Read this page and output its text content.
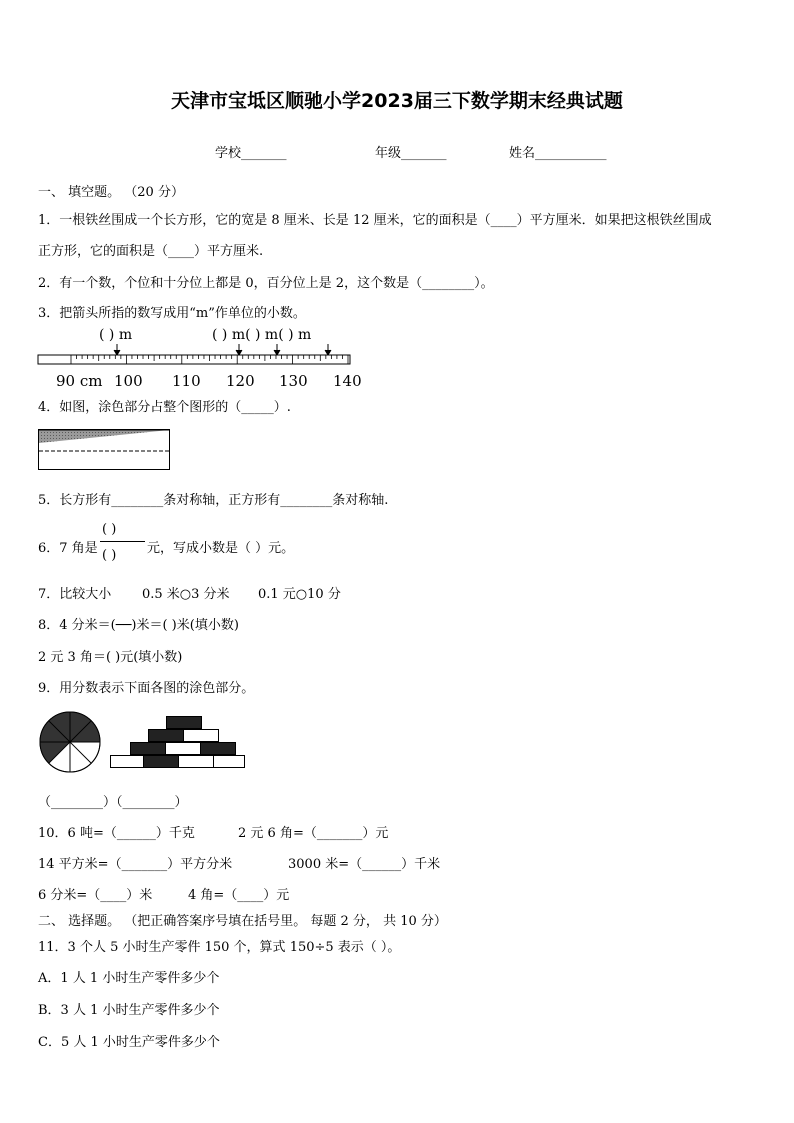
天津市宝坻区顺驰小学2023届三下数学期末经典试题
学校_______	年级_______	姓名___________
一、 填空题。 （20 分）
1．一根铁丝围成一个长方形，它的宽是 8 厘米、长是 12 厘米，它的面积是（____）平方厘米．如果把这根铁丝围成
正方形，它的面积是（____）平方厘米.
2．有一个数，个位和十分位上都是 0，百分位上是 2，这个数是（________）。
3．把箭头所指的数写成用“m”作单位的小数。
( ) m	( ) m( ) m( ) m
90 cm 100 110 120 130 140
4．如图，涂色部分占整个图形的（_____）.
5．长方形有________条对称轴，正方形有________条对称轴.
6．7 角是
( )
( ) 元，写成小数是（ ）元。
7．比较大小 0.5 米○3 分米 0.1 元○10 分
8．4 分米＝(──)米＝( )米(填小数)
2 元 3 角＝( )元(填小数)
9．用分数表示下面各图的涂色部分。
（________）（________）
10．6 吨=（______）千克	2 元 6 角=（_______）元
14 平方米=（_______）平方分米	3000 米=（______）千米
6 分米=（____）米	4 角=（____）元
二、 选择题。 （把正确答案序号填在括号里。 每题 2 分， 共 10 分）
11．3 个人 5 小时生产零件 150 个，算式 150÷5 表示（ ）。
A．1 人 1 小时生产零件多少个
B．3 人 1 小时生产零件多少个
C．5 人 1 小时生产零件多少个
